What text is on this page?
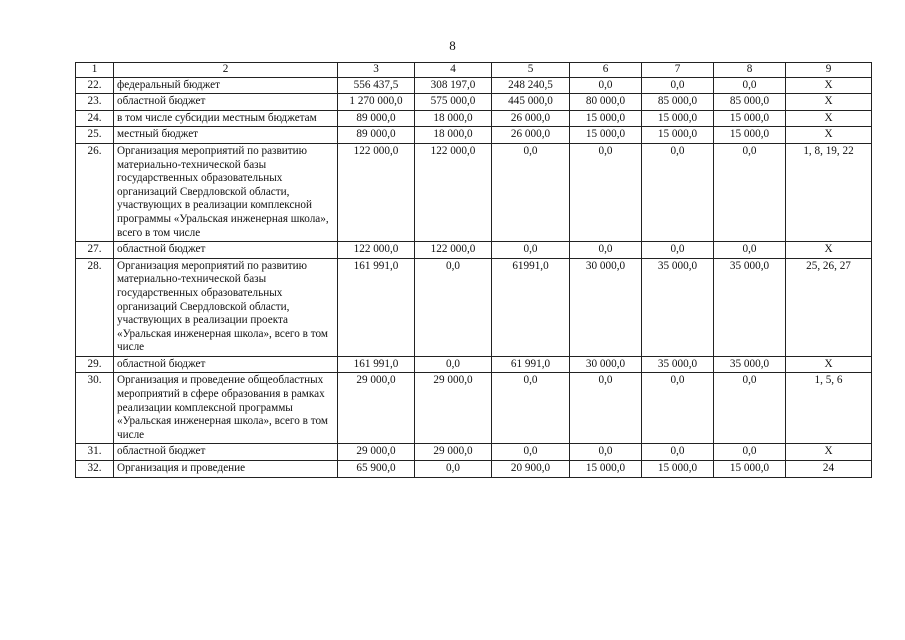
8
1	2	3	4	5	6	7	8	9
22.	федеральный бюджет	556 437,5	308 197,0	248 240,5	0,0	0,0	0,0	X
23.	областной бюджет	1 270 000,0	575 000,0	445 000,0	80 000,0	85 000,0	85 000,0	X
24.	в том числе субсидии местным бюджетам	89 000,0	18 000,0	26 000,0	15 000,0	15 000,0	15 000,0	X
25.	местный бюджет	89 000,0	18 000,0	26 000,0	15 000,0	15 000,0	15 000,0	X
26.	Организация мероприятий по развитию материально-технической базы государственных образовательных организаций Свердловской области, участвующих в реализации комплексной программы «Уральская инженерная школа», всего в том числе	122 000,0	122 000,0	0,0	0,0	0,0	0,0	1, 8, 19, 22
27.	областной бюджет	122 000,0	122 000,0	0,0	0,0	0,0	0,0	X
28.	Организация мероприятий по развитию материально-технической базы государственных образовательных организаций Свердловской области, участвующих в реализации проекта «Уральская инженерная школа», всего в том числе	161 991,0	0,0	61991,0	30 000,0	35 000,0	35 000,0	25, 26, 27
29.	областной бюджет	161 991,0	0,0	61 991,0	30 000,0	35 000,0	35 000,0	X
30.	Организация и проведение общеобластных мероприятий в сфере образования в рамках реализации комплексной программы «Уральская инженерная школа», всего в том числе	29 000,0	29 000,0	0,0	0,0	0,0	0,0	1, 5, 6
31.	областной бюджет	29 000,0	29 000,0	0,0	0,0	0,0	0,0	X
32.	Организация и проведение	65 900,0	0,0	20 900,0	15 000,0	15 000,0	15 000,0	24
